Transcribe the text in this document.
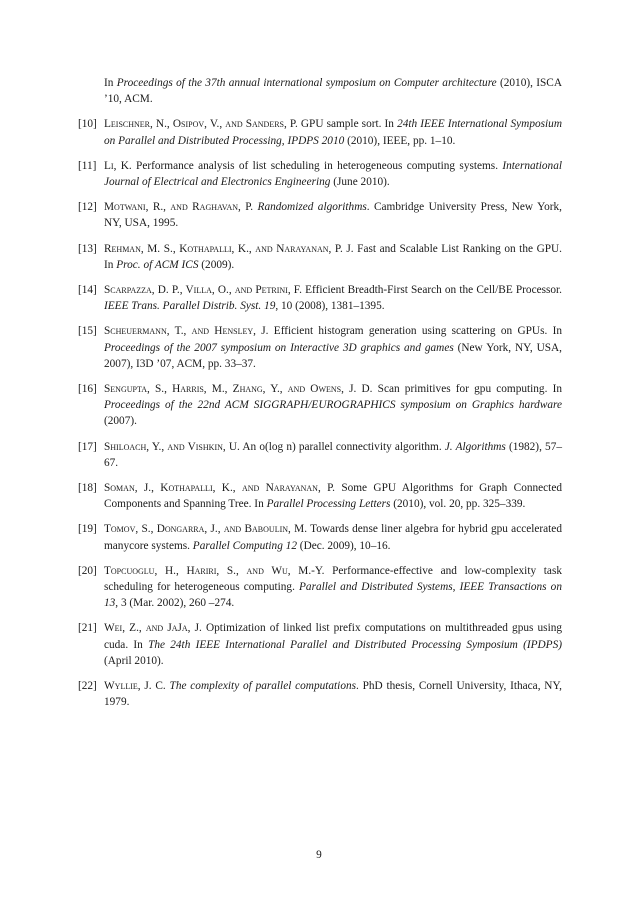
In Proceedings of the 37th annual international symposium on Computer architecture (2010), ISCA ’10, ACM.
[10] Leischner, N., Osipov, V., and Sanders, P. GPU sample sort. In 24th IEEE International Symposium on Parallel and Distributed Processing, IPDPS 2010 (2010), IEEE, pp. 1–10.
[11] Li, K. Performance analysis of list scheduling in heterogeneous computing systems. International Journal of Electrical and Electronics Engineering (June 2010).
[12] Motwani, R., and Raghavan, P. Randomized algorithms. Cambridge University Press, New York, NY, USA, 1995.
[13] Rehman, M. S., Kothapalli, K., and Narayanan, P. J. Fast and Scalable List Ranking on the GPU. In Proc. of ACM ICS (2009).
[14] Scarpazza, D. P., Villa, O., and Petrini, F. Efficient Breadth-First Search on the Cell/BE Processor. IEEE Trans. Parallel Distrib. Syst. 19, 10 (2008), 1381–1395.
[15] Scheuermann, T., and Hensley, J. Efficient histogram generation using scattering on GPUs. In Proceedings of the 2007 symposium on Interactive 3D graphics and games (New York, NY, USA, 2007), I3D ’07, ACM, pp. 33–37.
[16] Sengupta, S., Harris, M., Zhang, Y., and Owens, J. D. Scan primitives for gpu computing. In Proceedings of the 22nd ACM SIGGRAPH/EUROGRAPHICS symposium on Graphics hardware (2007).
[17] Shiloach, Y., and Vishkin, U. An o(log n) parallel connectivity algorithm. J. Algorithms (1982), 57–67.
[18] Soman, J., Kothapalli, K., and Narayanan, P. Some GPU Algorithms for Graph Connected Components and Spanning Tree. In Parallel Processing Letters (2010), vol. 20, pp. 325–339.
[19] Tomov, S., Dongarra, J., and Baboulin, M. Towards dense liner algebra for hybrid gpu accelerated manycore systems. Parallel Computing 12 (Dec. 2009), 10–16.
[20] Topcuoglu, H., Hariri, S., and Wu, M.-Y. Performance-effective and low-complexity task scheduling for heterogeneous computing. Parallel and Distributed Systems, IEEE Transactions on 13, 3 (Mar. 2002), 260 –274.
[21] Wei, Z., and JaJa, J. Optimization of linked list prefix computations on multithreaded gpus using cuda. In The 24th IEEE International Parallel and Distributed Processing Symposium (IPDPS) (April 2010).
[22] Wyllie, J. C. The complexity of parallel computations. PhD thesis, Cornell University, Ithaca, NY, 1979.
9
